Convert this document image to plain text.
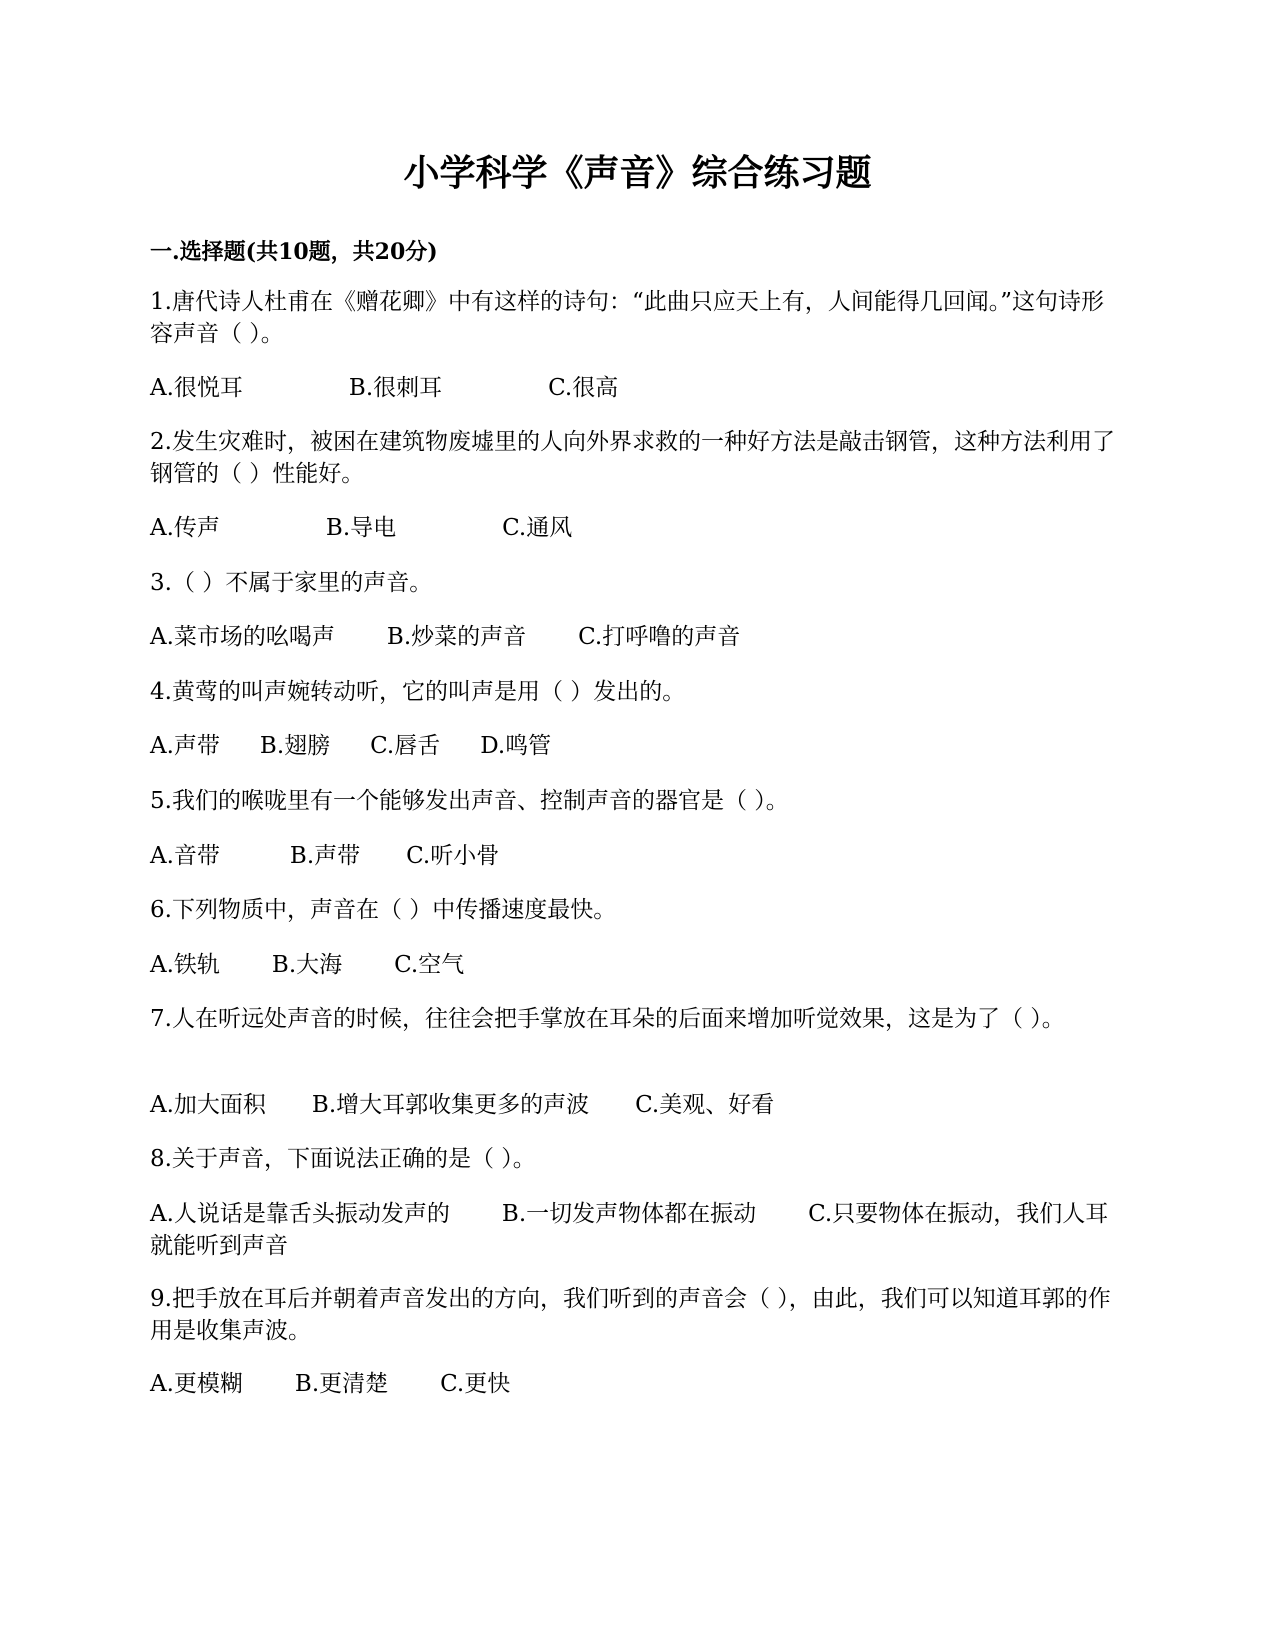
小学科学《声音》综合练习题
一.选择题(共10题，共20分)

1.唐代诗人杜甫在《赠花卿》中有这样的诗句：“此曲只应天上有，人间能得几回闻。”这句诗形容声音（ ）。

A.很悦耳	B.很刺耳	C.很高

2.发生灾难时，被困在建筑物废墟里的人向外界求救的一种好方法是敲击钢管，这种方法利用了钢管的（ ）性能好。

A.传声	B.导电	C.通风

3.（ ）不属于家里的声音。

A.菜市场的吆喝声 B.炒菜的声音 C.打呼噜的声音

4.黄莺的叫声婉转动听，它的叫声是用（ ）发出的。

A.声带 B.翅膀 C.唇舌 D.鸣管

5.我们的喉咙里有一个能够发出声音、控制声音的器官是（ ）。

A.音带	B.声带 C.听小骨

6.下列物质中，声音在（ ）中传播速度最快。

A.铁轨 B.大海 C.空气

7.人在听远处声音的时候，往往会把手掌放在耳朵的后面来增加听觉效果，这是为了（ ）。

A.加大面积 B.增大耳郭收集更多的声波 C.美观、好看

8.关于声音，下面说法正确的是（ ）。

A.人说话是靠舌头振动发声的 B.一切发声物体都在振动 C.只要物体在振动，我们人耳就能听到声音

9.把手放在耳后并朝着声音发出的方向，我们听到的声音会（ ），由此，我们可以知道耳郭的作用是收集声波。

A.更模糊 B.更清楚 C.更快
